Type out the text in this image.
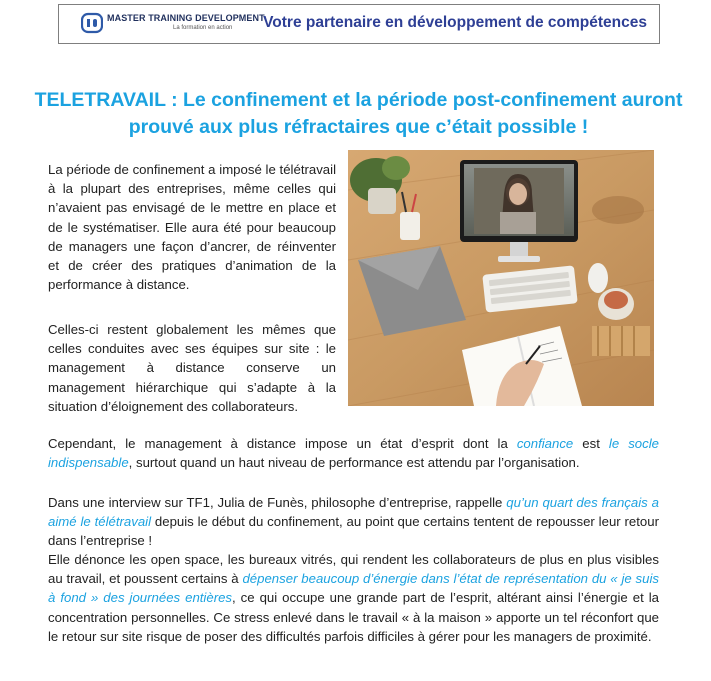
MASTER TRAINING DEVELOPMENT
La formation en action Votre partenaire en développement de compétences
TELETRAVAIL : Le confinement et la période post-confinement auront prouvé aux plus réfractaires que c’était possible !

La période de confinement a imposé le télétravail à la plupart des entreprises, même celles qui n’avaient pas envisagé de le mettre en place et de le systématiser. Elle aura été pour beaucoup de managers une façon d’ancrer, de réinventer et de créer des pratiques d’animation de la performance à distance.

Celles-ci restent globalement les mêmes que celles conduites avec ses équipes sur site : le management à distance conserve un management hiérarchique qui s’adapte à la situation d’éloignement des collaborateurs.

Cependant, le management à distance impose un état d’esprit dont la confiance est le socle indispensable, surtout quand un haut niveau de performance est attendu par l’organisation.

Dans une interview sur TF1, Julia de Funès, philosophe d’entreprise, rappelle qu’un quart des français a aimé le télétravail depuis le début du confinement, au point que certains tentent de repousser leur retour dans l’entreprise !

Elle dénonce les open space, les bureaux vitrés, qui rendent les collaborateurs de plus en plus visibles au travail, et poussent certains à dépenser beaucoup d’énergie dans l’état de représentation du « je suis à fond » des journées entières, ce qui occupe une grande part de l’esprit, altérant ainsi l’énergie et la concentration personnelles. Ce stress enlevé dans le travail « à la maison » apporte un tel réconfort que le retour sur site risque de poser des difficultés parfois difficiles à gérer pour les managers de proximité.
